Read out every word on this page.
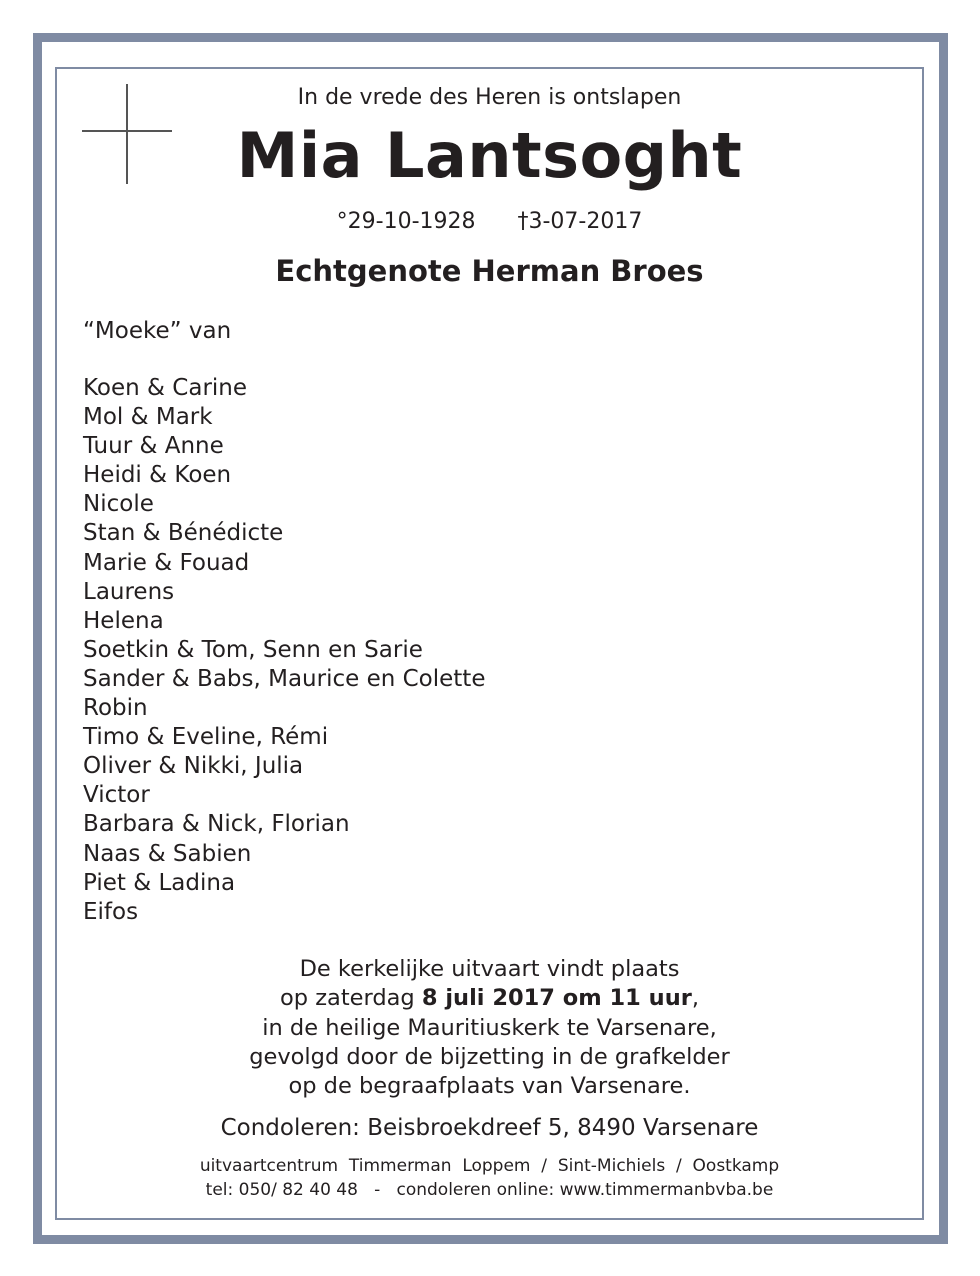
In de vrede des Heren is ontslapen
Mia Lantsoght
°29-10-1928 †3-07-2017
Echtgenote Herman Broes
“Moeke” van
Koen & Carine
Mol & Mark
Tuur & Anne
Heidi & Koen
Nicole
Stan & Bénédicte
Marie & Fouad
Laurens
Helena
Soetkin & Tom, Senn en Sarie
Sander & Babs, Maurice en Colette
Robin
Timo & Eveline, Rémi
Oliver & Nikki, Julia
Victor
Barbara & Nick, Florian
Naas & Sabien
Piet & Ladina
Eifos
De kerkelijke uitvaart vindt plaats
op zaterdag 8 juli 2017 om 11 uur,
in de heilige Mauritiuskerk te Varsenare,
gevolgd door de bijzetting in de grafkelder
op de begraafplaats van Varsenare.
Condoleren: Beisbroekdreef 5, 8490 Varsenare
uitvaartcentrum  Timmerman  Loppem  /  Sint-Michiels  /  Oostkamp
tel: 050/ 82 40 48   -   condoleren online: www.timmermanbvba.be
